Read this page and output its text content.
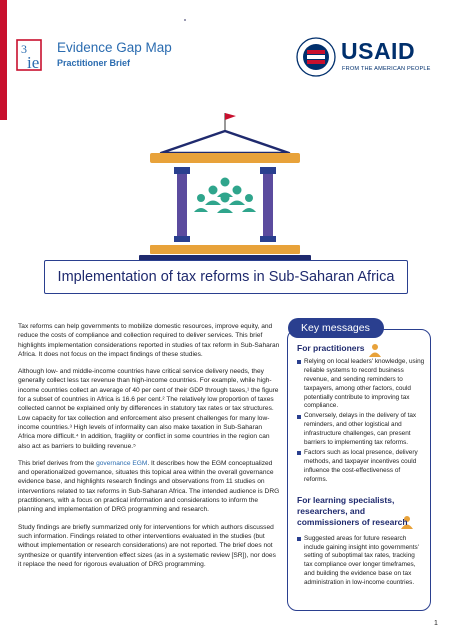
3
ie
Evidence Gap Map
Practitioner Brief	USAID
FROM THE AMERICAN PEOPLE
Implementation of tax reforms in Sub-Saharan Africa

Tax reforms can help governments to mobilize domestic resources, improve equity, and reduce the costs of compliance and collection required to deliver services. This brief highlights implementation considerations reported in studies of tax reform in Sub-Saharan Africa. It does not focus on the impact findings of these studies.

Although low- and middle-income countries have critical service delivery needs, they generally collect less tax revenue than high-income countries. For example, while high-income countries collect an average of 40 per cent of their GDP through taxes,¹ the figure for a subset of countries in Africa is 16.6 per cent.² The relatively low proportion of taxes collected cannot be explained only by differences in statutory tax rates or tax structures. Low capacity for tax collection and enforcement also present challenges for many low-income countries.³ High levels of informality can also make taxation in Sub-Saharan Africa more difficult.⁴ In addition, fragility or conflict in some countries in the region can also act as barriers to building revenue.⁵

This brief derives from the governance EGM. It describes how the EGM conceptualized and operationalized governance, situates this topical area within the overall governance evidence base, and highlights research findings and observations from 11 studies on interventions related to tax reforms in Sub-Saharan Africa. The intended audience is DRG practitioners, with a focus on practical information and considerations to inform the planning and implementation of DRG programming and research.

Study findings are briefly summarized only for interventions for which authors discussed such information. Findings related to other interventions evaluated in the studies (but without implementation or research considerations) are not reported. The brief does not synthesize or quantify intervention effect sizes (as in a systematic review [SR]), nor does it replace the need for rigorous evaluation of DRG programming.

Key messages
For practitioners
Relying on local leaders' knowledge, using reliable systems to record business revenue, and sending reminders to taxpayers, among other factors, could potentially contribute to improving tax compliance.
Conversely, delays in the delivery of tax reminders, and other logistical and infrastructure challenges, can present barriers to implementing tax reforms.
Factors such as local presence, delivery methods, and taxpayer incentives could influence the cost-effectiveness of reforms.
For learning specialists,
researchers, and
commissioners of research
Suggested areas for future research include gaining insight into governments' setting of suboptimal tax rates, tracking tax compliance over longer timeframes, and building the evidence base on tax administration in low-income countries.
1
